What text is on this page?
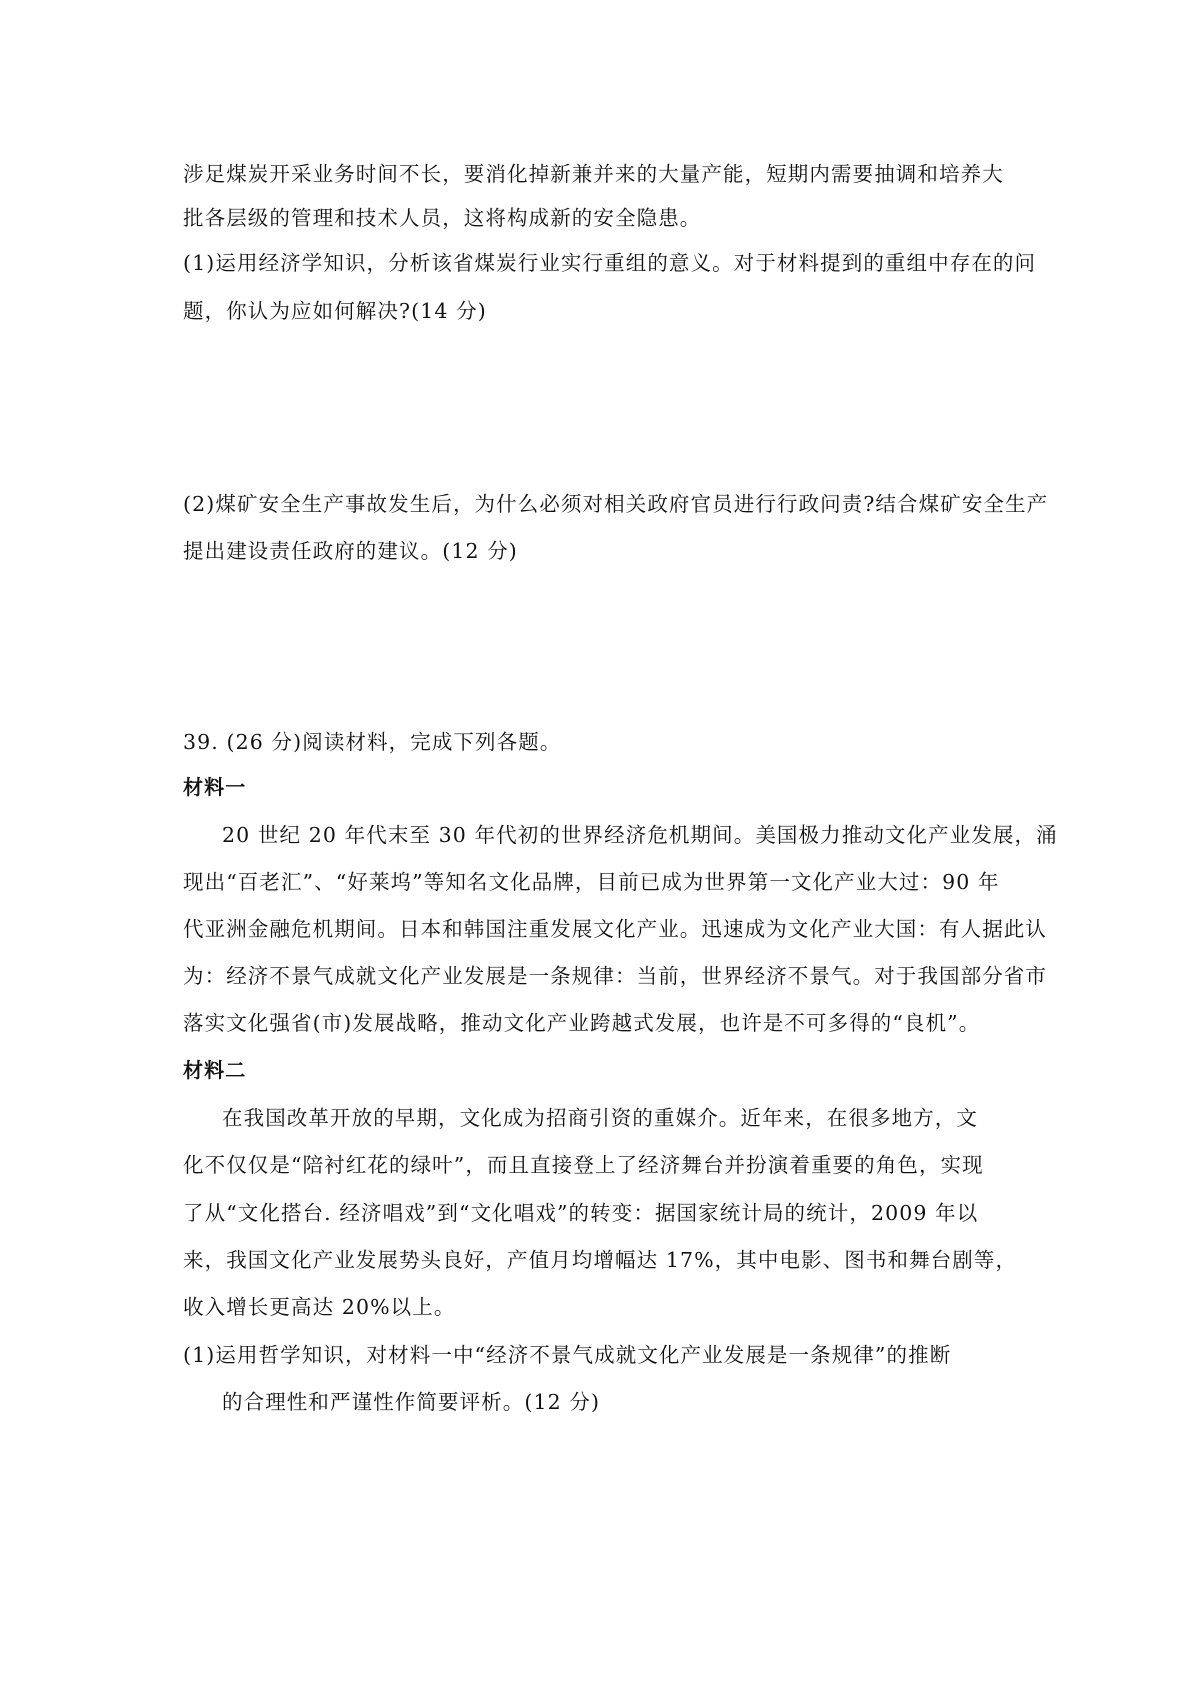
涉足煤炭开采业务时间不长，要消化掉新兼并来的大量产能，短期内需要抽调和培养大
批各层级的管理和技术人员，这将构成新的安全隐患。
(1)运用经济学知识，分析该省煤炭行业实行重组的意义。对于材料提到的重组中存在的问
题，你认为应如何解决?(14 分)
(2)煤矿安全生产事故发生后，为什么必须对相关政府官员进行行政问责?结合煤矿安全生产
提出建设责任政府的建议。(12 分)
39. (26 分)阅读材料，完成下列各题。
材料一
20 世纪 20 年代末至 30 年代初的世界经济危机期间。美国极力推动文化产业发展，涌
现出“百老汇”、“好莱坞”等知名文化品牌，目前已成为世界第一文化产业大过：90 年
代亚洲金融危机期间。日本和韩国注重发展文化产业。迅速成为文化产业大国：有人据此认
为：经济不景气成就文化产业发展是一条规律：当前，世界经济不景气。对于我国部分省市
落实文化强省(市)发展战略，推动文化产业跨越式发展，也许是不可多得的“良机”。
材料二
在我国改革开放的早期，文化成为招商引资的重媒介。近年来，在很多地方，文
化不仅仅是“陪衬红花的绿叶”，而且直接登上了经济舞台并扮演着重要的角色，实现
了从“文化搭台. 经济唱戏”到“文化唱戏”的转变：据国家统计局的统计，2009 年以
来，我国文化产业发展势头良好，产值月均增幅达 17%，其中电影、图书和舞台剧等，
收入增长更高达 20%以上。
(1)运用哲学知识，对材料一中“经济不景气成就文化产业发展是一条规律”的推断
的合理性和严谨性作简要评析。(12 分)
